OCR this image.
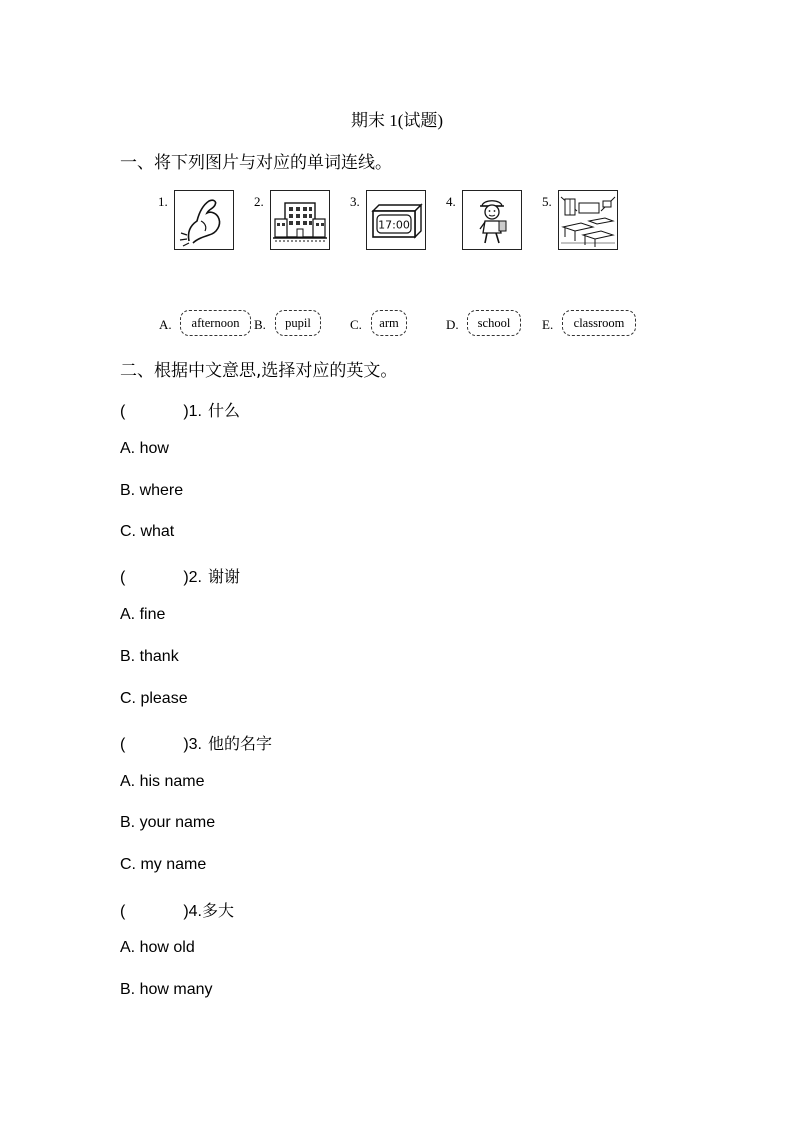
期末 1(试题)
一、将下列图片与对应的单词连线。
1.	2.	3.
17:00
4.	5.
A.	afternoon	B.	pupil	C.	arm	D.	school	E.	classroom
二、根据中文意思,选择对应的英文。
(	)1. 什么
A. how
B. where
C. what
(	)2. 谢谢
A. fine
B. thank
C. please
(	)3. 他的名字
A. his name
B. your name
C. my name
(	)4.多大
A. how old
B. how many
